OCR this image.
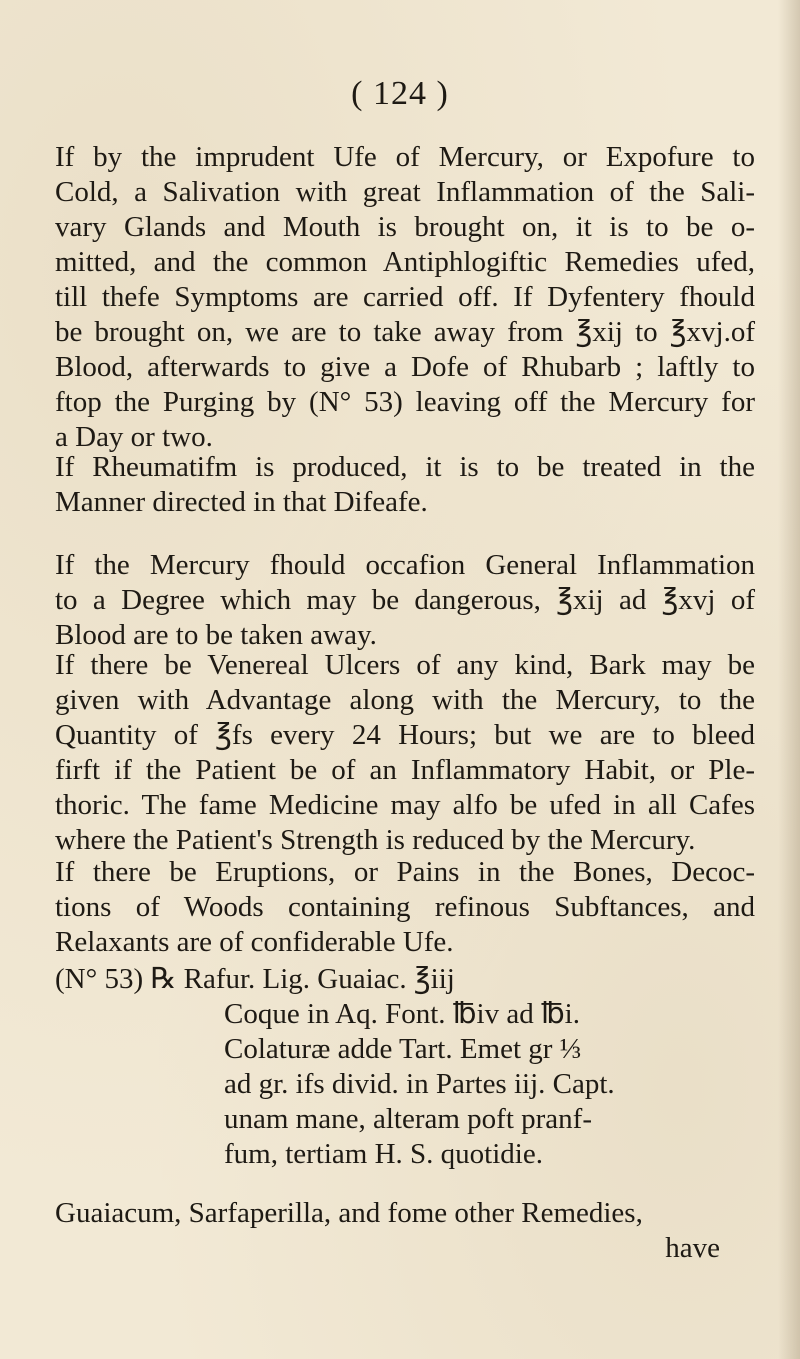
( 124 )
If by the imprudent Ufe of Mercury, or Expofure to
Cold, a Salivation with great Inflammation of the Sali-
vary Glands and Mouth is brought on, it is to be o-
mitted, and the common Antiphlogiftic Remedies ufed,
till thefe Symptoms are carried off. If Dyfentery fhould
be brought on, we are to take away from ℥xij to ℥xvj.of
Blood, afterwards to give a Dofe of Rhubarb ; laftly to
ftop the Purging by (N° 53) leaving off the Mercury for
a Day or two.
If Rheumatifm is produced, it is to be treated in the
Manner directed in that Difeafe.
If the Mercury fhould occafion General Inflammation
to a Degree which may be dangerous, ℥xij ad ℥xvj of
Blood are to be taken away.
If there be Venereal Ulcers of any kind, Bark may be
given with Advantage along with the Mercury, to the
Quantity of ℥fs every 24 Hours; but we are to bleed
firft if the Patient be of an Inflammatory Habit, or Ple-
thoric. The fame Medicine may alfo be ufed in all Cafes
where the Patient's Strength is reduced by the Mercury.
If there be Eruptions, or Pains in the Bones, Decoc-
tions of Woods containing refinous Subftances, and
Relaxants are of confiderable Ufe.
(N° 53) ℞ Rafur. Lig. Guaiac. ℥iij
Coque in Aq. Font. ℔iv ad ℔i.
Colaturæ adde Tart. Emet gr ⅓
ad gr. ifs divid. in Partes iij. Capt.
unam mane, alteram poft pranf-
fum, tertiam H. S. quotidie.
Guaiacum, Sarfaperilla, and fome other Remedies,
have
